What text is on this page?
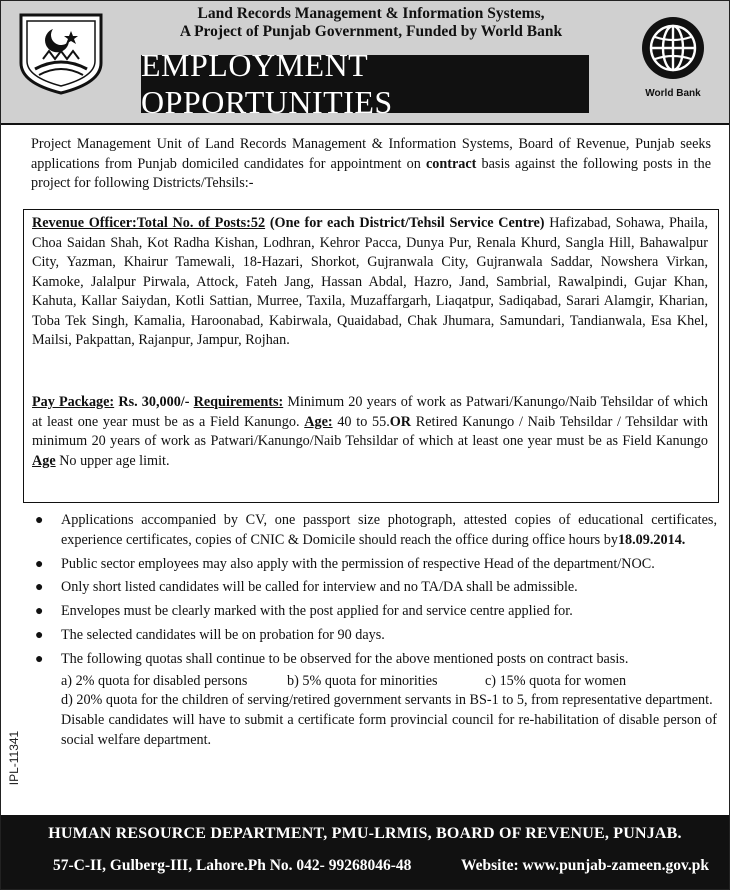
Land Records Management & Information Systems,
A Project of Punjab Government, Funded by World Bank
EMPLOYMENT OPPORTUNITIES	World Bank
Project Management Unit of Land Records Management & Information Systems, Board of Revenue, Punjab seeks applications from Punjab domiciled candidates for appointment on contract basis against the following posts in the project for following Districts/Tehsils:-
Revenue Officer:Total No. of Posts:52 (One for each District/Tehsil Service Centre) Hafizabad, Sohawa, Phaila, Choa Saidan Shah, Kot Radha Kishan, Lodhran, Kehror Pacca, Dunya Pur, Renala Khurd, Sangla Hill, Bahawalpur City, Yazman, Khairur Tamewali, 18-Hazari, Shorkot, Gujranwala City, Gujranwala Saddar, Nowshera Virkan, Kamoke, Jalalpur Pirwala, Attock, Fateh Jang, Hassan Abdal, Hazro, Jand, Sambrial, Rawalpindi, Gujar Khan, Kahuta, Kallar Saiydan, Kotli Sattian, Murree, Taxila, Muzaffargarh, Liaqatpur, Sadiqabad, Sarari Alamgir, Kharian, Toba Tek Singh, Kamalia, Haroonabad, Kabirwala, Quaidabad, Chak Jhumara, Samundari, Tandianwala, Esa Khel, Mailsi, Pakpattan, Rajanpur, Jampur, Rojhan.
Pay Package: Rs. 30,000/- Requirements: Minimum 20 years of work as Patwari/Kanungo/Naib Tehsildar of which at least one year must be as a Field Kanungo. Age: 40 to 55.OR Retired Kanungo / Naib Tehsildar / Tehsildar with minimum 20 years of work as Patwari/Kanungo/Naib Tehsildar of which at least one year must be as Field Kanungo Age No upper age limit.
● Applications accompanied by CV, one passport size photograph, attested copies of educational certificates, experience certificates, copies of CNIC & Domicile should reach the office during office hours by18.09.2014.
● Public sector employees may also apply with the permission of respective Head of the department/NOC.
● Only short listed candidates will be called for interview and no TA/DA shall be admissible.
● Envelopes must be clearly marked with the post applied for and service centre applied for.
● The selected candidates will be on probation for 90 days.
● The following quotas shall continue to be observed for the above mentioned posts on contract basis.
a) 2% quota for disabled persons	b) 5% quota for minorities	c) 15% quota for women
d) 20% quota for the children of serving/retired government servants in BS-1 to 5, from representative department.
Disable candidates will have to submit a certificate form provincial council for re-habilitation of disable person of social welfare department.
IPL-11341
HUMAN RESOURCE DEPARTMENT, PMU-LRMIS, BOARD OF REVENUE, PUNJAB.
57-C-II, Gulberg-III, Lahore.Ph No. 042- 99268046-48	Website: www.punjab-zameen.gov.pk
